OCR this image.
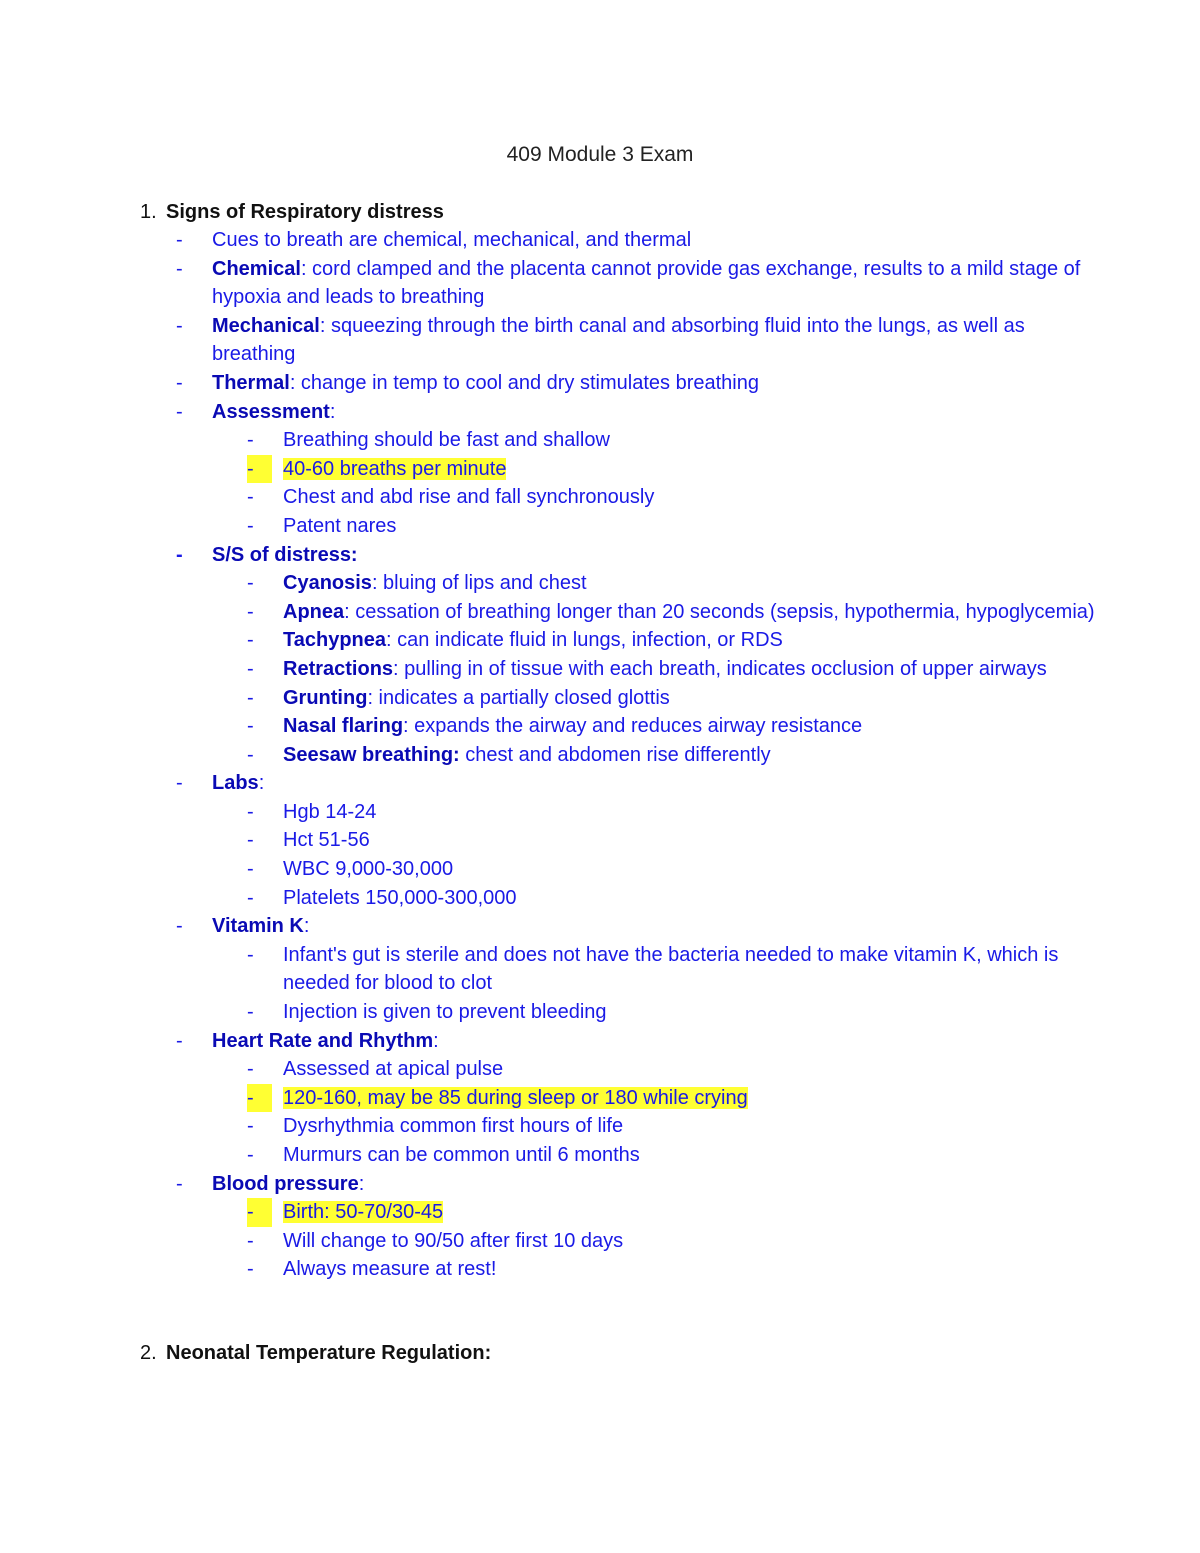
409 Module 3 Exam
1. Signs of Respiratory distress
- Cues to breath are chemical, mechanical, and thermal
- Chemical: cord clamped and the placenta cannot provide gas exchange, results to a mild stage of hypoxia and leads to breathing
- Mechanical: squeezing through the birth canal and absorbing fluid into the lungs, as well as breathing
- Thermal: change in temp to cool and dry stimulates breathing
- Assessment:
- Breathing should be fast and shallow
-	40-60 breaths per minute
- Chest and abd rise and fall synchronously
- Patent nares
- S/S of distress:
- Cyanosis: bluing of lips and chest
- Apnea: cessation of breathing longer than 20 seconds (sepsis, hypothermia, hypoglycemia)
- Tachypnea: can indicate fluid in lungs, infection, or RDS
- Retractions: pulling in of tissue with each breath, indicates occlusion of upper airways
- Grunting: indicates a partially closed glottis
- Nasal flaring: expands the airway and reduces airway resistance
- Seesaw breathing: chest and abdomen rise differently
- Labs:
- Hgb 14-24
- Hct 51-56
- WBC 9,000-30,000
- Platelets 150,000-300,000
- Vitamin K:
- Infant's gut is sterile and does not have the bacteria needed to make vitamin K, which is needed for blood to clot
- Injection is given to prevent bleeding
- Heart Rate and Rhythm:
- Assessed at apical pulse
-	120-160, may be 85 during sleep or 180 while crying
- Dysrhythmia common first hours of life
- Murmurs can be common until 6 months
- Blood pressure:
-	Birth: 50-70/30-45
- Will change to 90/50 after first 10 days
- Always measure at rest!
2. Neonatal Temperature Regulation:
